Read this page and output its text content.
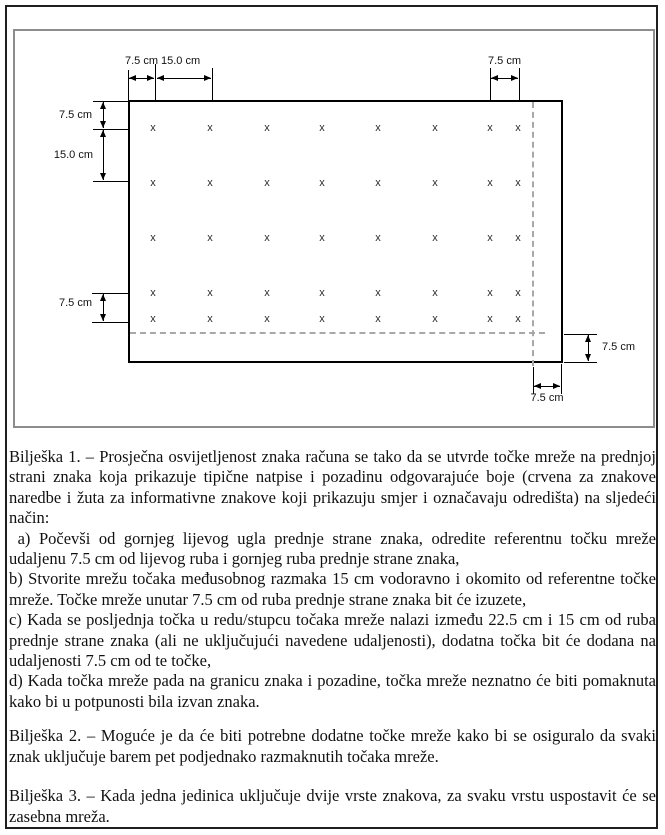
x	x	x	x	x	x	x x
x	x	x	x	x	x	x x
x	x	x	x	x	x	x x
x	x	x	x	x	x	x x
x	x	x	x	x	x	x x
7.5 cm 15.0 cm	7.5 cm
7.5 cm
15.0 cm
7.5 cm
7.5 cm
7.5 cm

Bilješka 1. – Prosječna osvijetljenost znaka računa se tako da se utvrde točke mreže na prednjoj strani znaka koja prikazuje tipične natpise i pozadinu odgovarajuće boje (crvena za znakove naredbe i žuta za informativne znakove koji prikazuju smjer i označavaju odredišta) na sljedeći način:

a) Počevši od gornjeg lijevog ugla prednje strane znaka, odredite referentnu točku mreže udaljenu 7.5 cm od lijevog ruba i gornjeg ruba prednje strane znaka,

b) Stvorite mrežu točaka međusobnog razmaka 15 cm vodoravno i okomito od referentne točke mreže. Točke mreže unutar 7.5 cm od ruba prednje strane znaka bit će izuzete,

c) Kada se posljednja točka u redu/stupcu točaka mreže nalazi između 22.5 cm i 15 cm od ruba prednje strane znaka (ali ne uključujući navedene udaljenosti), dodatna točka bit će dodana na udaljenosti 7.5 cm od te točke,

d) Kada točka mreže pada na granicu znaka i pozadine, točka mreže neznatno će biti pomaknuta kako bi u potpunosti bila izvan znaka.

Bilješka 2. – Moguće je da će biti potrebne dodatne točke mreže kako bi se osiguralo da svaki znak uključuje barem pet podjednako razmaknutih točaka mreže.

Bilješka 3. – Kada jedna jedinica uključuje dvije vrste znakova, za svaku vrstu uspostavit će se zasebna mreža.
